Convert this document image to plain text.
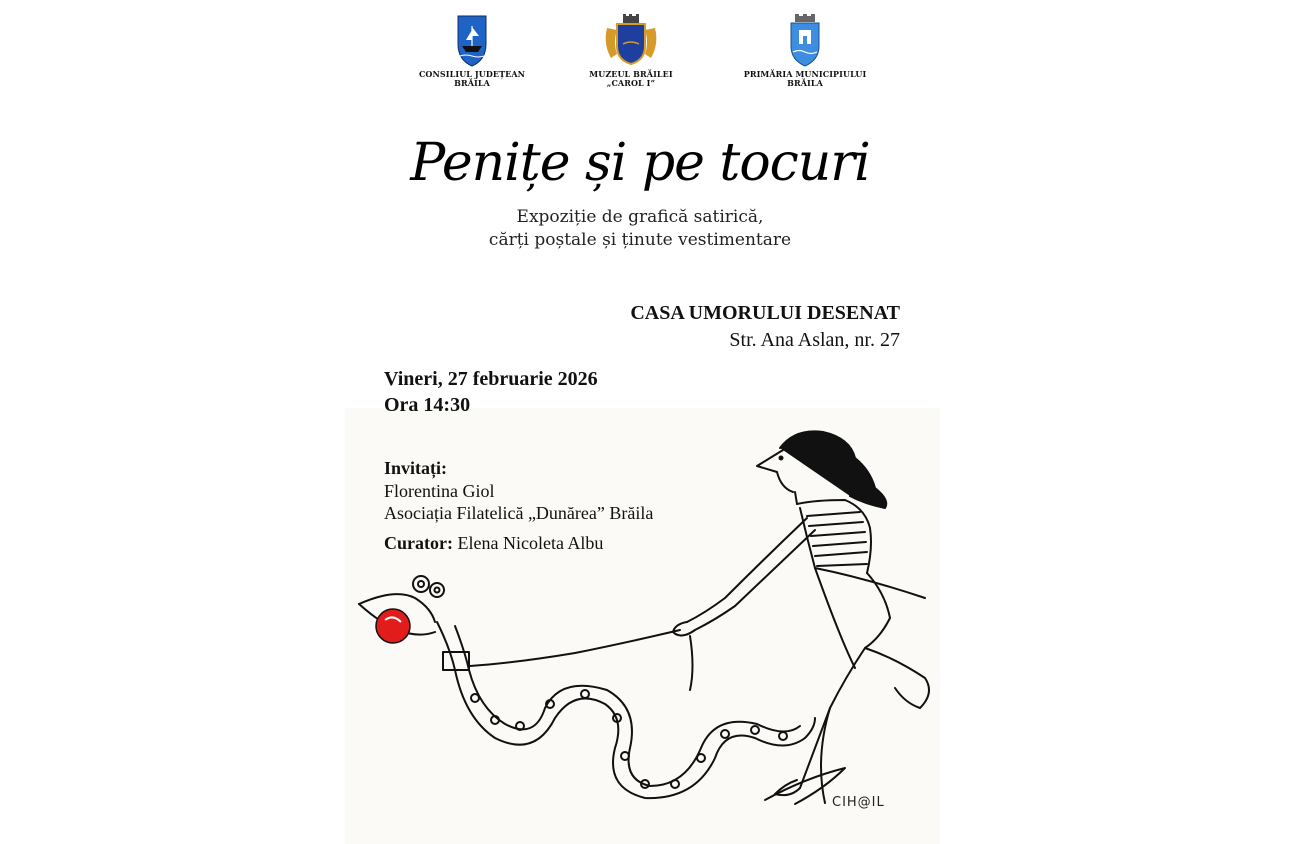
CONSILIUL JUDEȚEAN
BRĂILA
MUZEUL BRĂILEI
„CAROL I”
PRIMĂRIA MUNICIPIULUI
BRĂILA
Penițe și pe tocuri
Expoziție de grafică satirică,
cărți poștale și ținute vestimentare
CASA UMORULUI DESENAT
Str. Ana Aslan, nr. 27
Vineri, 27 februarie 2026
Ora 14:30
Invitați:
Florentina Giol
Asociația Filatelică „Dunărea” Brăila
Curator: Elena Nicoleta Albu
CIH@IL
